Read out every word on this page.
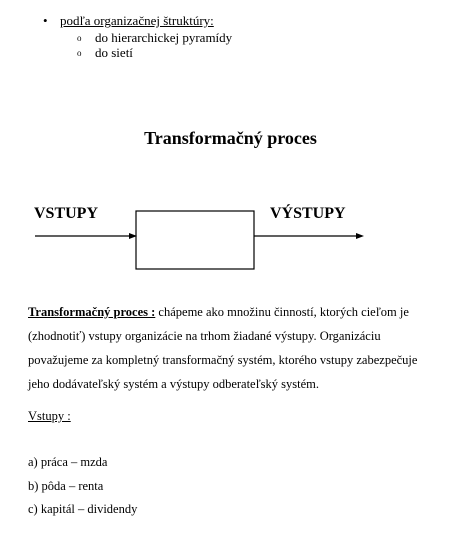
• podľa organizačnej štruktúry:
o do hierarchickej pyramídy
o do sietí
Transformačný proces
VSTUPY	VÝSTUPY
Transformačný proces : chápeme ako množinu činností, ktorých cieľom je (zhodnotiť) vstupy organizácie na trhom žiadané výstupy. Organizáciu považujeme za kompletný transformačný systém, ktorého vstupy zabezpečuje jeho dodávateľský systém a výstupy odberateľský systém.
Vstupy :
a) práca – mzda
b) pôda – renta
c) kapitál – dividendy
